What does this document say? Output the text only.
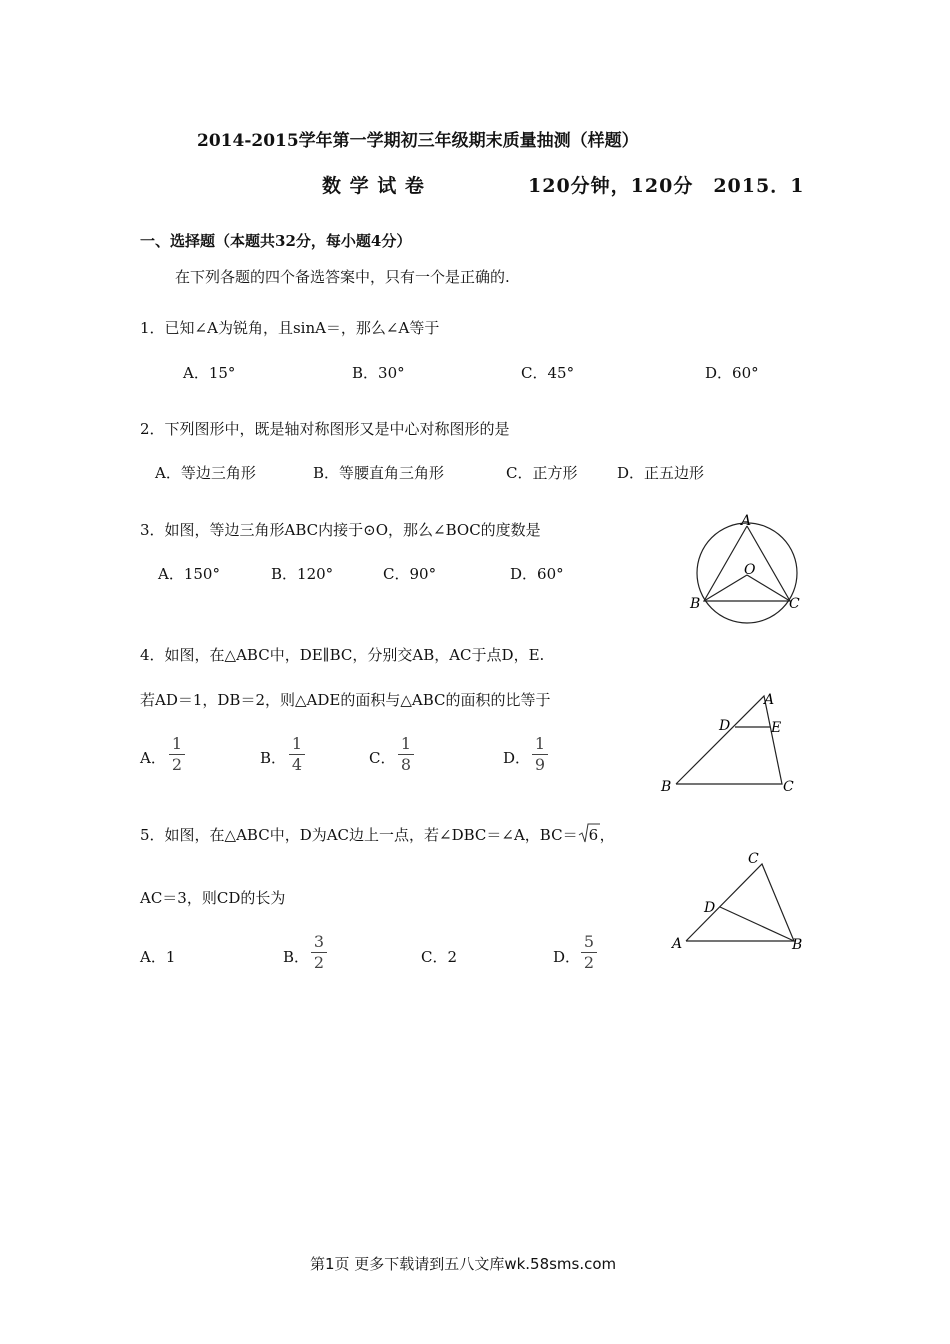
2014-2015学年第一学期初三年级期末质量抽测（样题）
数 学 试 卷	120分钟，120分　2015．1
一、选择题（本题共32分，每小题4分）
在下列各题的四个备选答案中，只有一个是正确的.
1．已知∠A为锐角，且sinA＝，那么∠A等于
A．15°	B．30°	C．45°	D．60°
2．下列图形中，既是轴对称图形又是中心对称图形的是
A．等边三角形	B．等腰直角三角形	C．正方形	D．正五边形
3．如图，等边三角形ABC内接于⊙O，那么∠BOC的度数是
A．150°	B．120°	C．90°	D．60°
A
O
B	C
4．如图，在△ABC中，DE∥BC，分别交AB，AC于点D，E.
若AD＝1，DB＝2，则△ADE的面积与△ABC的面积的比等于
A．
1
2	B．
1
4	C．
1
8	D．
1
9
A
D	E
B	C
5．如图，在△ABC中，D为AC边上一点，若∠DBC＝∠A，BC＝ 6 ，
AC＝3，则CD的长为
A．1	B．
3
2	C．2	D．
5
2
C
D
A	B
第1页 更多下载请到五八文库wk.58sms.com
